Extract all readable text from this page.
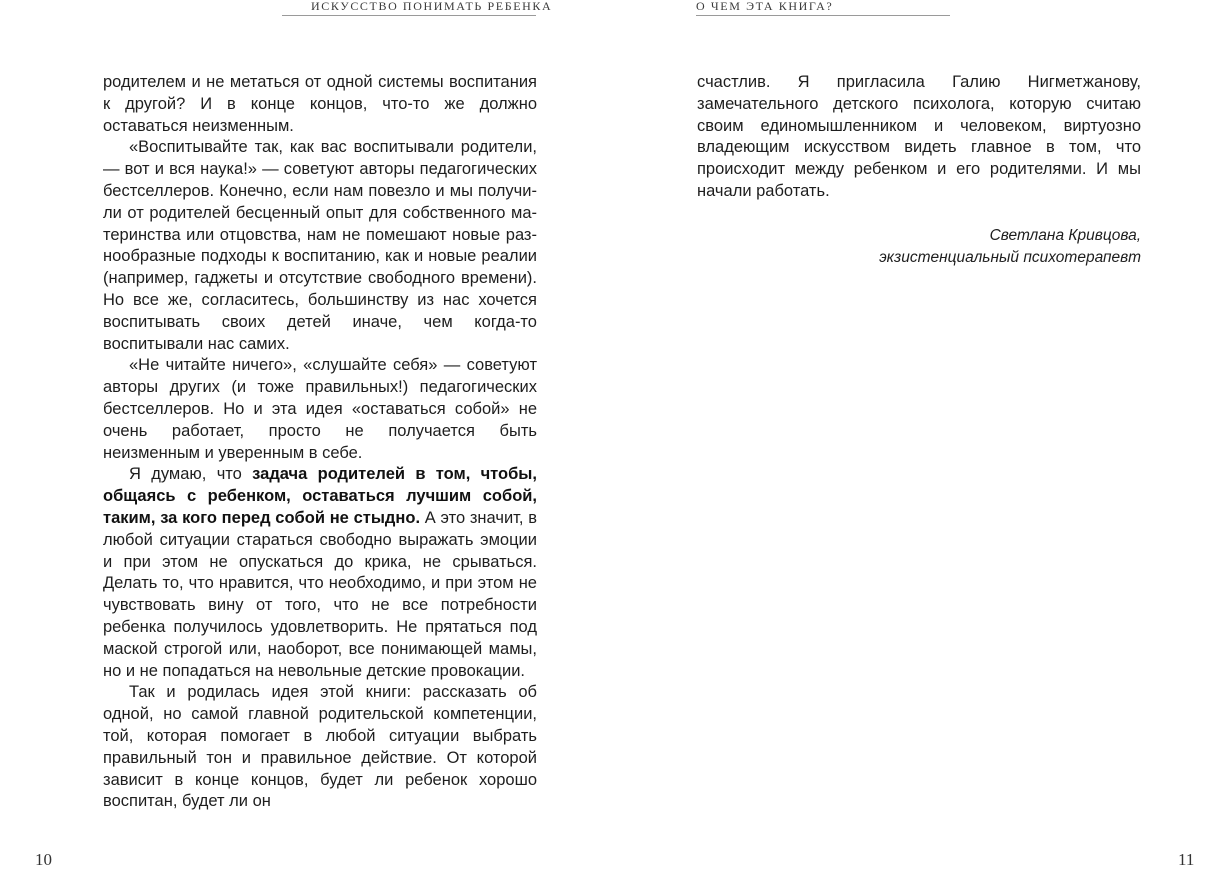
ИСКУССТВО ПОНИМАТЬ РЕБЕНКА

родителем и не метаться от одной системы воспитания к другой? И в конце концов, что-то же должно оставаться неизменным.

«Воспитывайте так, как вас воспитывали родители, — вот и вся наука!» — советуют авторы педагогических бестселлеров. Конечно, если нам повезло и мы получили от родителей бесценный опыт для собственного материнства или отцовства, нам не помешают новые разнообразные подходы к воспитанию, как и новые реалии (например, гаджеты и отсутствие свободного времени). Но все же, согласитесь, большинству из нас хочется воспитывать своих детей иначе, чем когда-то воспитывали нас самих.

«Не читайте ничего», «слушайте себя» — советуют авторы других (и тоже правильных!) педагогических бестселлеров. Но и эта идея «оставаться собой» не очень работает, просто не получается быть неизменным и уверенным в себе.

Я думаю, что задача родителей в том, чтобы, общаясь с ребенком, оставаться лучшим собой, таким, за кого перед собой не стыдно. А это значит, в любой ситуации стараться свободно выражать эмоции и при этом не опускаться до крика, не срываться. Делать то, что нравится, что необходимо, и при этом не чувствовать вину от того, что не все потребности ребенка получилось удовлетворить. Не прятаться под маской строгой или, наоборот, все понимающей мамы, но и не попадаться на невольные детские провокации.

Так и родилась идея этой книги: рассказать об одной, но самой главной родительской компетенции, той, которая помогает в любой ситуации выбрать правильный тон и правильное действие. От которой зависит в конце концов, будет ли ребенок хорошо воспитан, будет ли он

10
О ЧЕМ ЭТА КНИГА?

счастлив. Я пригласила Галию Нигметжанову, замечательного детского психолога, которую считаю своим единомышленником и человеком, виртуозно владеющим искусством видеть главное в том, что происходит между ребенком и его родителями. И мы начали работать.

Светлана Кривцова,
экзистенциальный психотерапевт
11
